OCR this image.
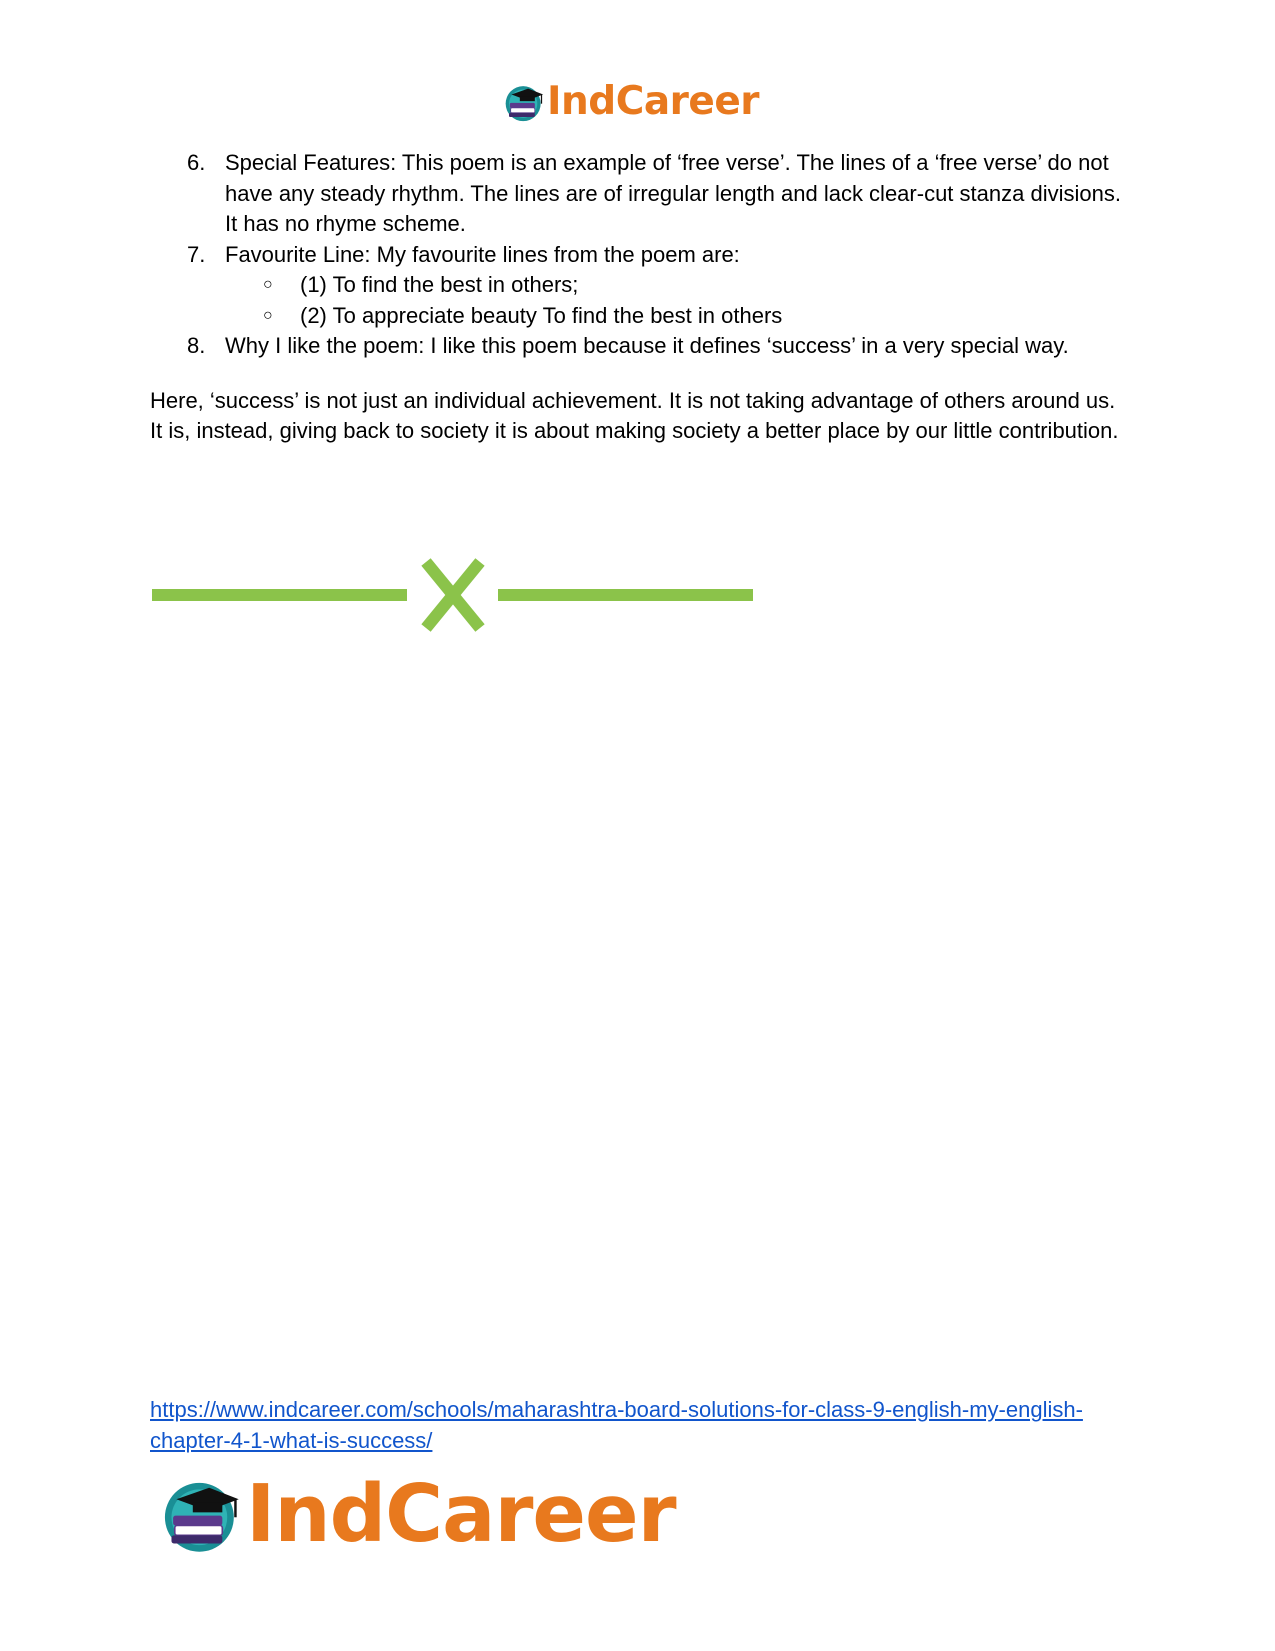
IndCareer
6. Special Features: This poem is an example of ‘free verse’. The lines of a ‘free verse’ do not have any steady rhythm. The lines are of irregular length and lack clear-cut stanza divisions. It has no rhyme scheme.
7. Favourite Line: My favourite lines from the poem are:
○	(1) To find the best in others;
○	(2) To appreciate beauty To find the best in others
8. Why I like the poem: I like this poem because it defines ‘success’ in a very special way.

Here, ‘success’ is not just an individual achievement. It is not taking advantage of others around us. It is, instead, giving back to society it is about making society a better place by our little contribution.

https://www.indcareer.com/schools/maharashtra-board-solutions-for-class-9-english-my-english-chapter-4-1-what-is-success/
IndCareer
